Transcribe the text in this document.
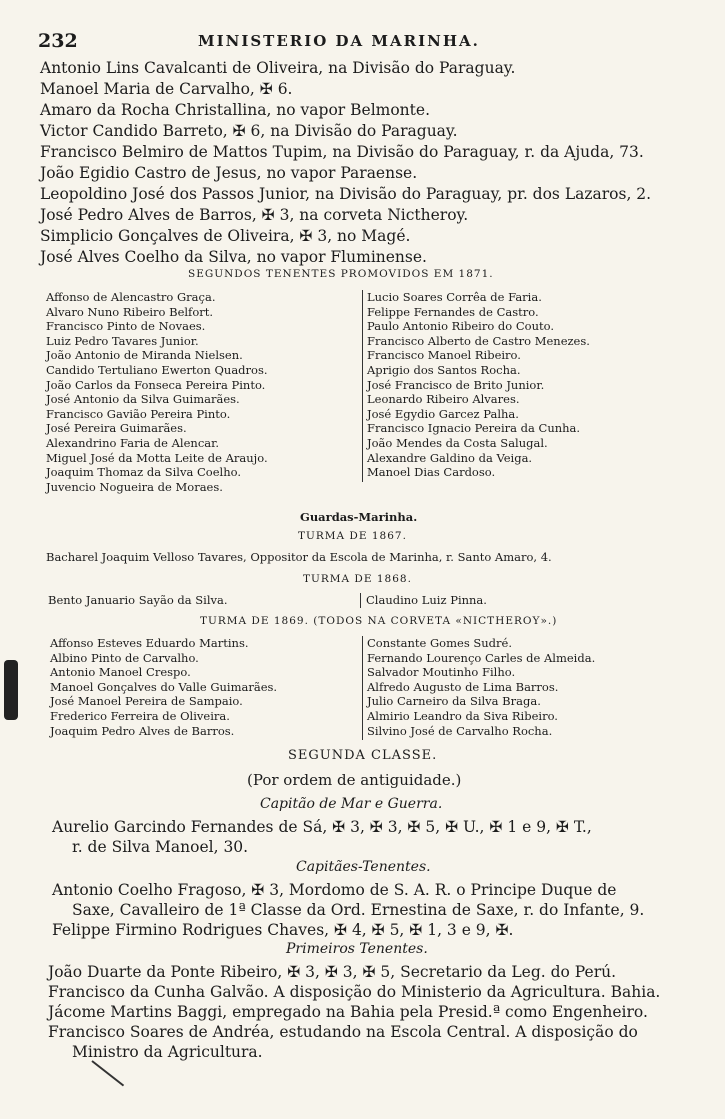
232	MINISTERIO DA MARINHA.
Antonio Lins Cavalcanti de Oliveira, na Divisão do Paraguay.
Manoel Maria de Carvalho, ✠ 6.
Amaro da Rocha Christallina, no vapor Belmonte.
Victor Candido Barreto, ✠ 6, na Divisão do Paraguay.
Francisco Belmiro de Mattos Tupim, na Divisão do Paraguay, r. da Ajuda, 73.
João Egidio Castro de Jesus, no vapor Paraense.
Leopoldino José dos Passos Junior, na Divisão do Paraguay, pr. dos Lazaros, 2.
José Pedro Alves de Barros, ✠ 3, na corveta Nictheroy.
Simplicio Gonçalves de Oliveira, ✠ 3, no Magé.
José Alves Coelho da Silva, no vapor Fluminense.
SEGUNDOS TENENTES PROMOVIDOS EM 1871.
Affonso de Alencastro Graça.
Alvaro Nuno Ribeiro Belfort.
Francisco Pinto de Novaes.
Luiz Pedro Tavares Junior.
João Antonio de Miranda Nielsen.
Candido Tertuliano Ewerton Quadros.
João Carlos da Fonseca Pereira Pinto.
José Antonio da Silva Guimarães.
Francisco Gavião Pereira Pinto.
José Pereira Guimarães.
Alexandrino Faria de Alencar.
Miguel José da Motta Leite de Araujo.
Joaquim Thomaz da Silva Coelho.
Juvencio Nogueira de Moraes.
Lucio Soares Corrêa de Faria.
Felippe Fernandes de Castro.
Paulo Antonio Ribeiro do Couto.
Francisco Alberto de Castro Menezes.
Francisco Manoel Ribeiro.
Aprigio dos Santos Rocha.
José Francisco de Brito Junior.
Leonardo Ribeiro Alvares.
José Egydio Garcez Palha.
Francisco Ignacio Pereira da Cunha.
João Mendes da Costa Salugal.
Alexandre Galdino da Veiga.
Manoel Dias Cardoso.
Guardas-Marinha.
TURMA DE 1867.
Bacharel Joaquim Velloso Tavares, Oppositor da Escola de Marinha, r. Santo Amaro, 4.
TURMA DE 1868.
Bento Januario Sayão da Silva.	Claudino Luiz Pinna.
TURMA DE 1869. (TODOS NA CORVETA «NICTHEROY».)
Affonso Esteves Eduardo Martins.
Albino Pinto de Carvalho.
Antonio Manoel Crespo.
Manoel Gonçalves do Valle Guimarães.
José Manoel Pereira de Sampaio.
Frederico Ferreira de Oliveira.
Joaquim Pedro Alves de Barros.
Constante Gomes Sudré.
Fernando Lourenço Carles de Almeida.
Salvador Moutinho Filho.
Alfredo Augusto de Lima Barros.
Julio Carneiro da Silva Braga.
Almirio Leandro da Siva Ribeiro.
Silvino José de Carvalho Rocha.
SEGUNDA CLASSE.
(Por ordem de antiguidade.)
Capitão de Mar e Guerra.
Aurelio Garcindo Fernandes de Sá, ✠ 3, ✠ 3, ✠ 5, ✠ U., ✠ 1 e 9, ✠ T.,
r. de Silva Manoel, 30.
Capitães-Tenentes.
Antonio Coelho Fragoso, ✠ 3, Mordomo de S. A. R. o Principe Duque de
Saxe, Cavalleiro de 1ª Classe da Ord. Ernestina de Saxe, r. do Infante, 9.
Felippe Firmino Rodrigues Chaves, ✠ 4, ✠ 5, ✠ 1, 3 e 9, ✠.
Primeiros Tenentes.
João Duarte da Ponte Ribeiro, ✠ 3, ✠ 3, ✠ 5, Secretario da Leg. do Perú.
Francisco da Cunha Galvão. A disposição do Ministerio da Agricultura. Bahia.
Jácome Martins Baggi, empregado na Bahia pela Presid.ª como Engenheiro.
Francisco Soares de Andréa, estudando na Escola Central. A disposição do
Ministro da Agricultura.
